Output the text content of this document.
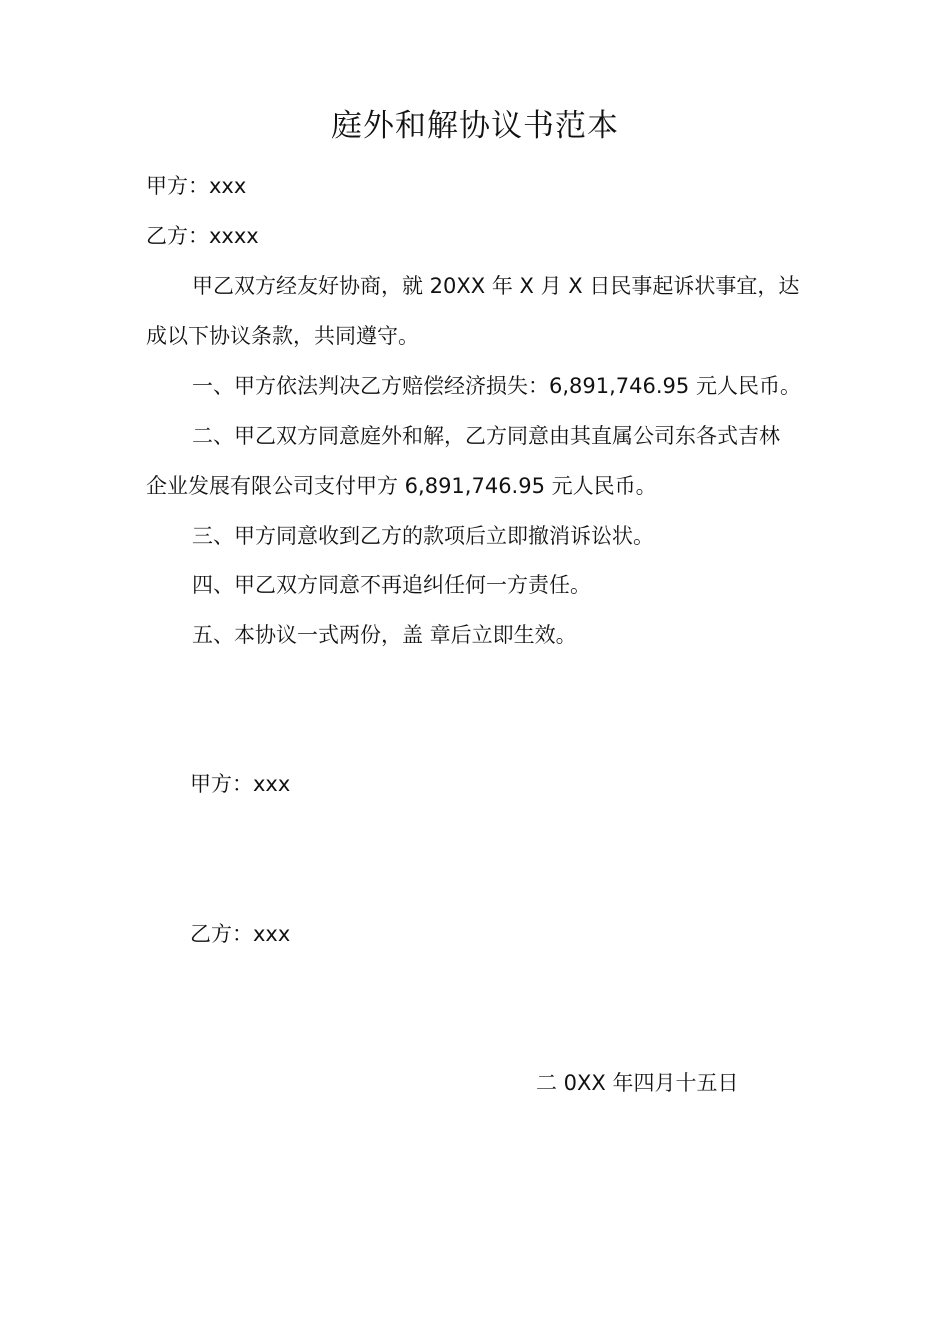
庭外和解协议书范本
甲方：xxx
乙方：xxxx
甲乙双方经友好协商，就 20XX 年 X 月 X 日民事起诉状事宜，达
成以下协议条款，共同遵守。
一、甲方依法判决乙方赔偿经济损失：6,891,746.95 元人民币。
二、甲乙双方同意庭外和解，乙方同意由其直属公司东各式吉林
企业发展有限公司支付甲方 6,891,746.95 元人民币。
三、甲方同意收到乙方的款项后立即撤消诉讼状。
四、甲乙双方同意不再追纠任何一方责任。
五、本协议一式两份，盖 章后立即生效。
甲方：xxx
乙方：xxx
二 0XX 年四月十五日
